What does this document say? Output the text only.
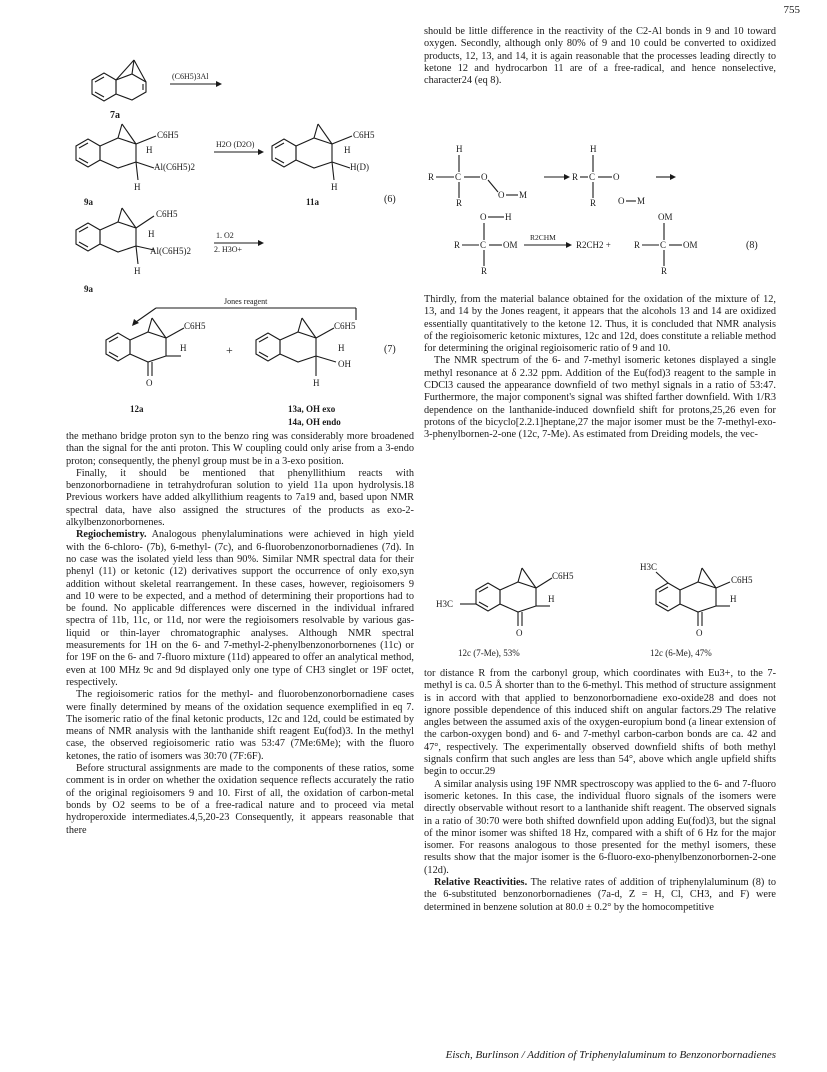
755
(C6H5)3Al
7a
C6H5
H
Al(C6H5)2
H
9a
H2O (D2O)
C6H5
H
H(D)
H
11a	(6)
C6H5
H
Al(C6H5)2
H
9a
1. O2
2. H3O+
Jones reagent
C6H5
H
O
12a
+
C6H5
H
OH
H
(7)
13a, OH exo
14a, OH endo

the methano bridge proton syn to the benzo ring was considerably more broadened than the signal for the anti proton. This W coupling could only arise from a 3-endo proton; consequently, the phenyl group must be in a 3-exo position.

Finally, it should be mentioned that phenyllithium reacts with benzonorbornadiene in tetrahydrofuran solution to yield 11a upon hydrolysis.18 Previous workers have added alkyllithium reagents to 7a19 and, based upon NMR spectral data, have also assigned the structures of the products as exo-2-alkylbenzonorbornenes.

Regiochemistry. Analogous phenylaluminations were achieved in high yield with the 6-chloro- (7b), 6-methyl- (7c), and 6-fluorobenzonorbornadienes (7d). In no case was the isolated yield less than 90%. Similar NMR spectral data for their phenyl (11) or ketonic (12) derivatives support the occurrence of only exo,syn addition without skeletal rearrangement. In these cases, however, regioisomers 9 and 10 were to be expected, and a method of determining their proportions had to be found. No applicable differences were discerned in the individual infrared spectra of 11b, 11c, or 11d, nor were the regioisomers resolvable by various gas-liquid or thin-layer chromatographic analyses. Although NMR spectral measurements for 1H on the 6- and 7-methyl-2-phenylbenzonorbornenes (11c) or for 19F on the 6- and 7-fluoro mixture (11d) appeared to offer an analytical method, even at 100 MHz 9c and 9d displayed only one type of CH3 singlet or 19F octet, respectively.

The regioisomeric ratios for the methyl- and fluorobenzonorbornadiene cases were finally determined by means of the oxidation sequence exemplified in eq 7. The isomeric ratio of the final ketonic products, 12c and 12d, could be estimated by means of NMR analysis with the lanthanide shift reagent Eu(fod)3. In the methyl case, the observed regioisomeric ratio was 53:47 (7Me:6Me); with the fluoro ketones, the ratio of isomers was 30:70 (7F:6F).

Before structural assignments are made to the components of these ratios, some comment is in order on whether the oxidation sequence reflects accurately the ratio of the original regioisomers 9 and 10. First of all, the oxidation of carbon-metal bonds by O2 seems to be of a free-radical nature and to proceed via metal hydroperoxide intermediates.4,5,20-23 Consequently, it appears reasonable that there

should be little difference in the reactivity of the C2-Al bonds in 9 and 10 toward oxygen. Secondly, although only 80% of 9 and 10 could be converted to oxidized products, 12, 13, and 14, it is again reasonable that the processes leading directly to ketone 12 and hydrocarbon 11 are of a free-radical, and hence nonselective, character24 (eq 8).

H
R C O
R
O M
H
R C O
R O M
O H
R C OM
R
R2CHM
R2CH2 +	R C OM
OM
R
(8)

Thirdly, from the material balance obtained for the oxidation of the mixture of 12, 13, and 14 by the Jones reagent, it appears that the alcohols 13 and 14 are oxidized essentially quantitatively to the ketone 12. Thus, it is concluded that NMR analysis of the regioisomeric ketonic mixtures, 12c and 12d, does constitute a reliable method for determining the original regioisomeric ratio of 9 and 10.

The NMR spectrum of the 6- and 7-methyl isomeric ketones displayed a single methyl resonance at δ 2.32 ppm. Addition of the Eu(fod)3 reagent to the sample in CDCl3 caused the appearance downfield of two methyl signals in a ratio of 53:47. Furthermore, the major component's signal was shifted farther downfield. With 1/R3 dependence on the lanthanide-induced downfield shift for protons,25,26 even for protons of the bicyclo[2.2.1]heptane,27 the major isomer must be the 7-methyl-exo-3-phenylbornen-2-one (12c, 7-Me). As estimated from Dreiding models, the vec-

H3C
C6H5
H
O
12c (7-Me), 53%
H3C
C6H5
H
O
12c (6-Me), 47%

tor distance R from the carbonyl group, which coordinates with Eu3+, to the 7-methyl is ca. 0.5 Å shorter than to the 6-methyl. This method of structure assignment is in accord with that applied to benzonorbornadiene exo-oxide28 and does not ignore possible dependence of this induced shift on angular factors.29 The relative angles between the assumed axis of the oxygen-europium bond (a linear extension of the carbon-oxygen bond) and 6- and 7-methyl carbon-carbon bonds are ca. 42 and 47°, respectively. The experimentally observed downfield shifts of both methyl signals confirm that such angles are less than 54°, above which angle upfield shifts begin to occur.29

A similar analysis using 19F NMR spectroscopy was applied to the 6- and 7-fluoro isomeric ketones. In this case, the individual fluoro signals of the isomers were directly observable without resort to a lanthanide shift reagent. The observed signals in a ratio of 30:70 were both shifted downfield upon adding Eu(fod)3, but the signal of the minor isomer was shifted 18 Hz, compared with a shift of 6 Hz for the major isomer. For reasons analogous to those presented for the methyl isomers, these results show that the major isomer is the 6-fluoro-exo-phenylbenzonorbornen-2-one (12d).

Relative Reactivities. The relative rates of addition of triphenylaluminum (8) to the 6-substituted benzonorbornadienes (7a-d, Z = H, Cl, CH3, and F) were determined in benzene solution at 80.0 ± 0.2° by the homocompetitive

Eisch, Burlinson / Addition of Triphenylaluminum to Benzonorbornadienes
